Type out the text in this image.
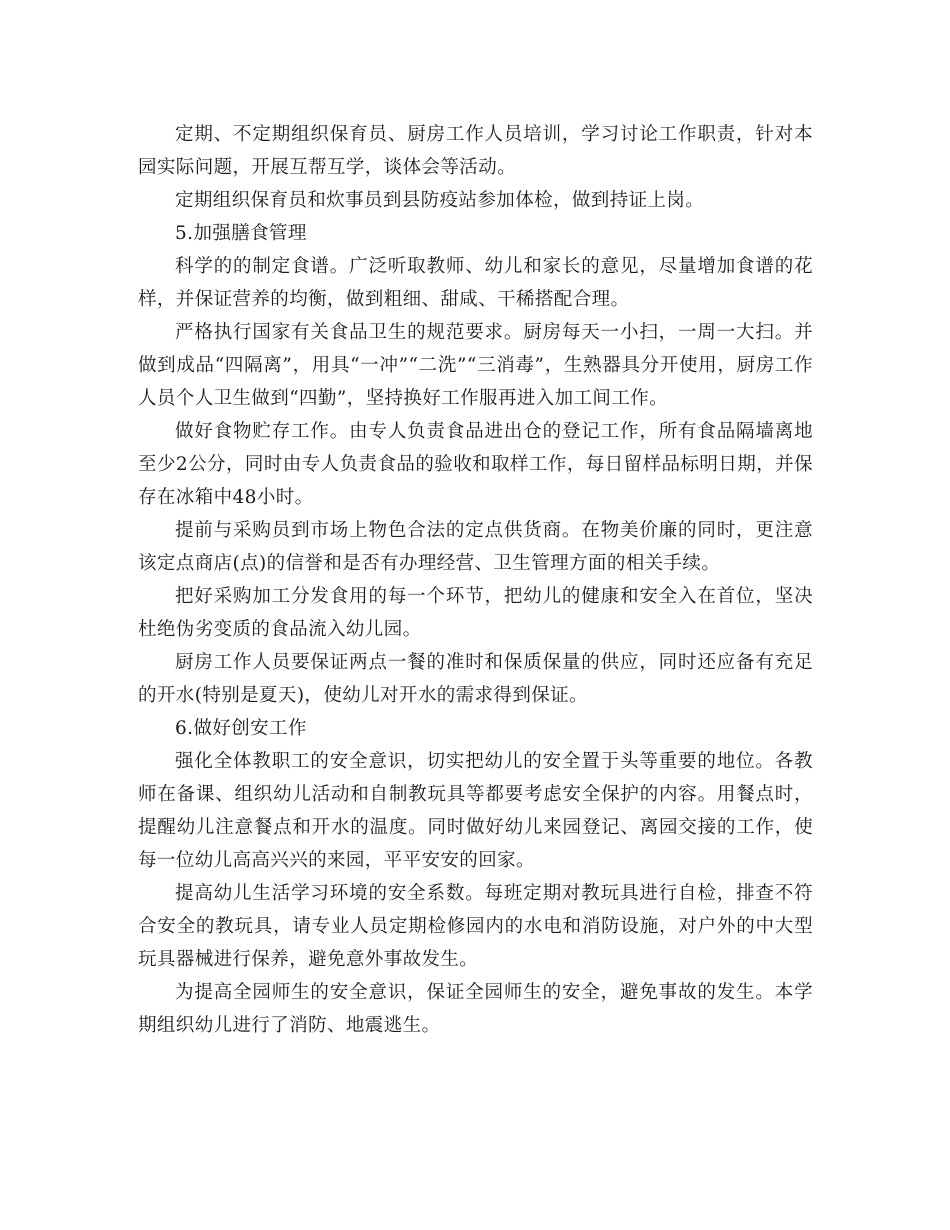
定期、不定期组织保育员、厨房工作人员培训，学习讨论工作职责，针对本园实际问题，开展互帮互学，谈体会等活动。

定期组织保育员和炊事员到县防疫站参加体检，做到持证上岗。

5.加强膳食管理

科学的的制定食谱。广泛听取教师、幼儿和家长的意见，尽量增加食谱的花样，并保证营养的均衡，做到粗细、甜咸、干稀搭配合理。

严格执行国家有关食品卫生的规范要求。厨房每天一小扫，一周一大扫。并做到成品“四隔离”，用具“一冲”“二洗”“三消毒”，生熟器具分开使用，厨房工作人员个人卫生做到“四勤”，坚持换好工作服再进入加工间工作。

做好食物贮存工作。由专人负责食品进出仓的登记工作，所有食品隔墙离地至少2公分，同时由专人负责食品的验收和取样工作，每日留样品标明日期，并保存在冰箱中48小时。

提前与采购员到市场上物色合法的定点供货商。在物美价廉的同时，更注意该定点商店(点)的信誉和是否有办理经营、卫生管理方面的相关手续。

把好采购加工分发食用的每一个环节，把幼儿的健康和安全入在首位，坚决杜绝伪劣变质的食品流入幼儿园。

厨房工作人员要保证两点一餐的准时和保质保量的供应，同时还应备有充足的开水(特别是夏天)，使幼儿对开水的需求得到保证。

6.做好创安工作

强化全体教职工的安全意识，切实把幼儿的安全置于头等重要的地位。各教师在备课、组织幼儿活动和自制教玩具等都要考虑安全保护的内容。用餐点时，提醒幼儿注意餐点和开水的温度。同时做好幼儿来园登记、离园交接的工作，使每一位幼儿高高兴兴的来园，平平安安的回家。

提高幼儿生活学习环境的安全系数。每班定期对教玩具进行自检，排查不符合安全的教玩具，请专业人员定期检修园内的水电和消防设施，对户外的中大型玩具器械进行保养，避免意外事故发生。

为提高全园师生的安全意识，保证全园师生的安全，避免事故的发生。本学期组织幼儿进行了消防、地震逃生。
